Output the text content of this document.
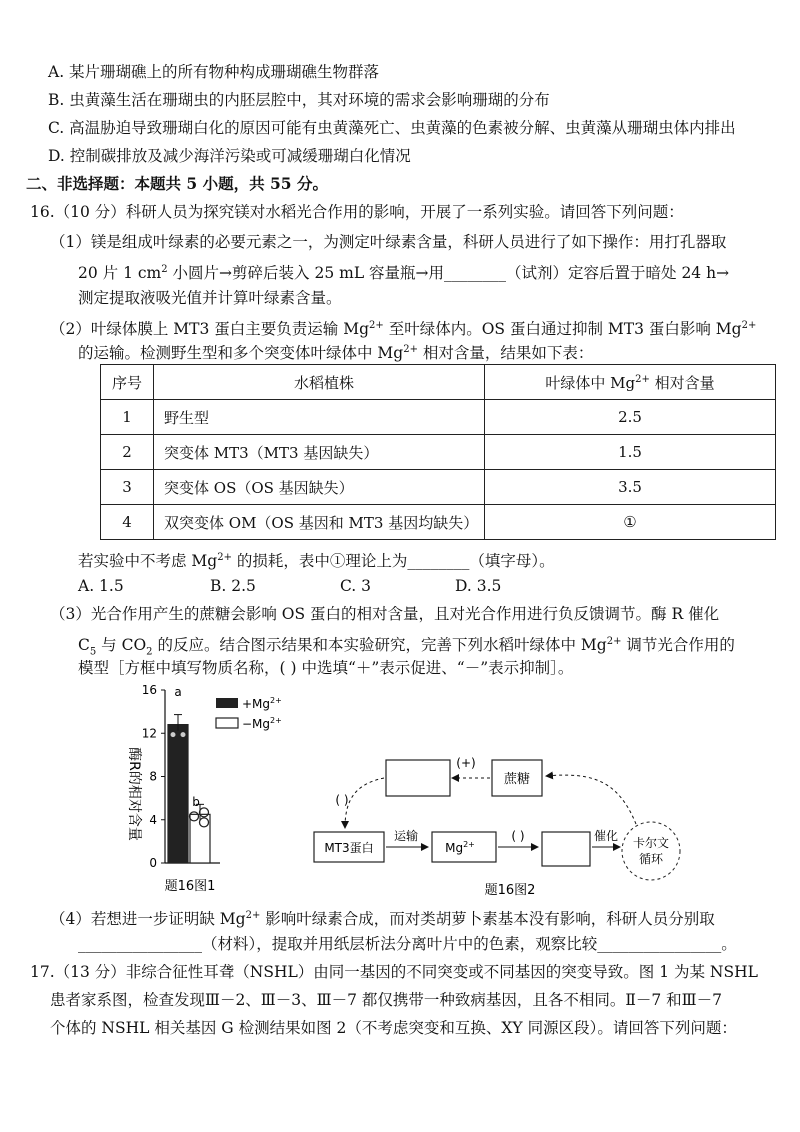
A. 某片珊瑚礁上的所有物种构成珊瑚礁生物群落
B. 虫黄藻生活在珊瑚虫的内胚层腔中，其对环境的需求会影响珊瑚的分布
C. 高温胁迫导致珊瑚白化的原因可能有虫黄藻死亡、虫黄藻的色素被分解、虫黄藻从珊瑚虫体内排出
D. 控制碳排放及减少海洋污染或可减缓珊瑚白化情况
二、非选择题：本题共 5 小题，共 55 分。
16.（10 分）科研人员为探究镁对水稻光合作用的影响，开展了一系列实验。请回答下列问题：
（1）镁是组成叶绿素的必要元素之一，为测定叶绿素含量，科研人员进行了如下操作：用打孔器取
20 片 1 $cm^2$ 小圆片→剪碎后装入 25 mL 容量瓶→用________（试剂）定容后置于暗处 24 h→
测定提取液吸光值并计算叶绿素含量。
（2）叶绿体膜上 MT3 蛋白主要负责运输 $Mg^{2+}$ 至叶绿体内。OS 蛋白通过抑制 MT3 蛋白影响 $Mg^{2+}$
的运输。检测野生型和多个突变体叶绿体中 $Mg^{2+}$ 相对含量，结果如下表：
序号	水稻植株	叶绿体中 $Mg^{2+}$ 相对含量
1	野生型	2.5
2	突变体 MT3（MT3 基因缺失）	1.5
3	突变体 OS（OS 基因缺失）	3.5
4	双突变体 OM（OS 基因和 MT3 基因均缺失）	①
若实验中不考虑 $Mg^{2+}$ 的损耗，表中①理论上为________（填字母）。
A. 1.5	B. 2.5	C. 3	D. 3.5
（3）光合作用产生的蔗糖会影响 OS 蛋白的相对含量，且对光合作用进行负反馈调节。酶 R 催化
$C_5$ 与 $CO_2$ 的反应。结合图示结果和本实验研究，完善下列水稻叶绿体中 $Mg^{2+}$ 调节光合作用的
模型［方框中填写物质名称，( ) 中选填“＋”表示促进、“－”表示抑制］。
酶R的相对含量
0
4
8
12
16 a
b
$+Mg^{2+}$
$-Mg^{2+}$
题16图1
蔗糖
(+)
( )
MT3蛋白
运输
$Mg^{2+}$
( )	催化 卡尔文
循环
题16图2
（4）若想进一步证明缺 $Mg^{2+}$ 影响叶绿素合成，而对类胡萝卜素基本没有影响，科研人员分别取
________________（材料），提取并用纸层析法分离叶片中的色素，观察比较________________。
17.（13 分）非综合征性耳聋（NSHL）由同一基因的不同突变或不同基因的突变导致。图 1 为某 NSHL
患者家系图，检查发现Ⅲ－2、Ⅲ－3、Ⅲ－7 都仅携带一种致病基因，且各不相同。Ⅱ－7 和Ⅲ－7
个体的 NSHL 相关基因 G 检测结果如图 2（不考虑突变和互换、XY 同源区段）。请回答下列问题：
